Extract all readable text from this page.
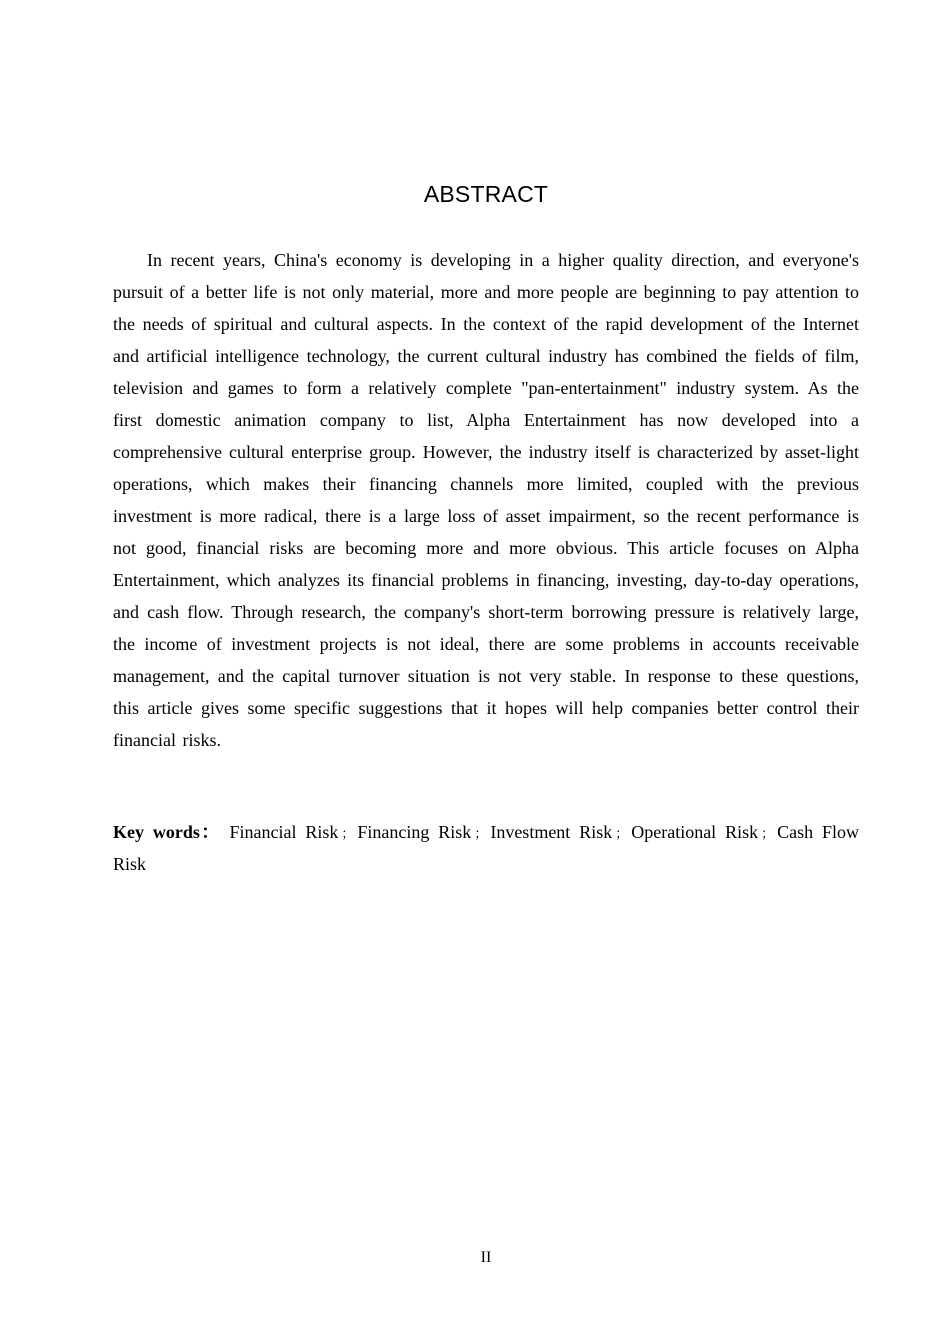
ABSTRACT

In recent years, China's economy is developing in a higher quality direction, and everyone's pursuit of a better life is not only material, more and more people are beginning to pay attention to the needs of spiritual and cultural aspects. In the context of the rapid development of the Internet and artificial intelligence technology, the current cultural industry has combined the fields of film, television and games to form a relatively complete "pan-entertainment" industry system. As the first domestic animation company to list, Alpha Entertainment has now developed into a comprehensive cultural enterprise group. However, the industry itself is characterized by asset-light operations, which makes their financing channels more limited, coupled with the previous investment is more radical, there is a large loss of asset impairment, so the recent performance is not good, financial risks are becoming more and more obvious. This article focuses on Alpha Entertainment, which analyzes its financial problems in financing, investing, day-to-day operations, and cash flow. Through research, the company's short-term borrowing pressure is relatively large, the income of investment projects is not ideal, there are some problems in accounts receivable management, and the capital turnover situation is not very stable. In response to these questions, this article gives some specific suggestions that it hopes will help companies better control their financial risks.

Key words： Financial Risk ； Financing Risk ； Investment Risk ； Operational Risk ； Cash Flow Risk

II
